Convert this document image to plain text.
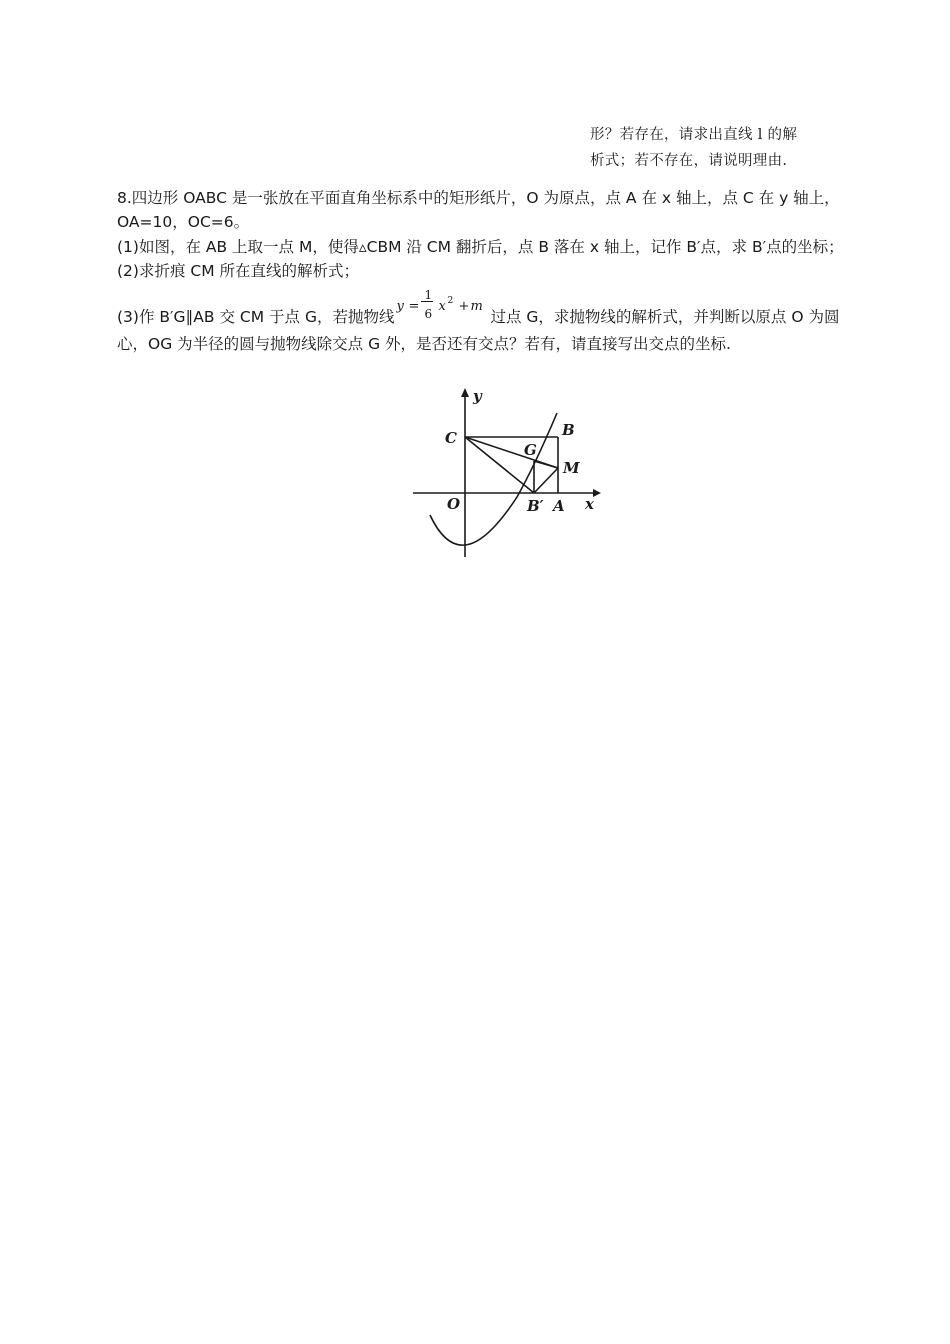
形？若存在，请求出直线 l 的解
析式；若不存在，请说明理由.
8.四边形 OABC 是一张放在平面直角坐标系中的矩形纸片，O 为原点，点 A 在 x 轴上，点 C 在 y 轴上，
OA=10，OC=6。
(1)如图，在 AB 上取一点 M，使得▵CBM 沿 CM 翻折后，点 B 落在 x 轴上，记作 B′点，求 B′点的坐标；
(2)求折痕 CM 所在直线的解析式；
(3)作 B′G∥AB 交 CM 于点 G，若抛物线
y =
1
6 x 2 + m
过点 G，求抛物线的解析式，并判断以原点 O 为圆
心，OG 为半径的圆与抛物线除交点 G 外，是否还有交点？若有，请直接写出交点的坐标.
y
x
C	B
G
M
O	B′ A
